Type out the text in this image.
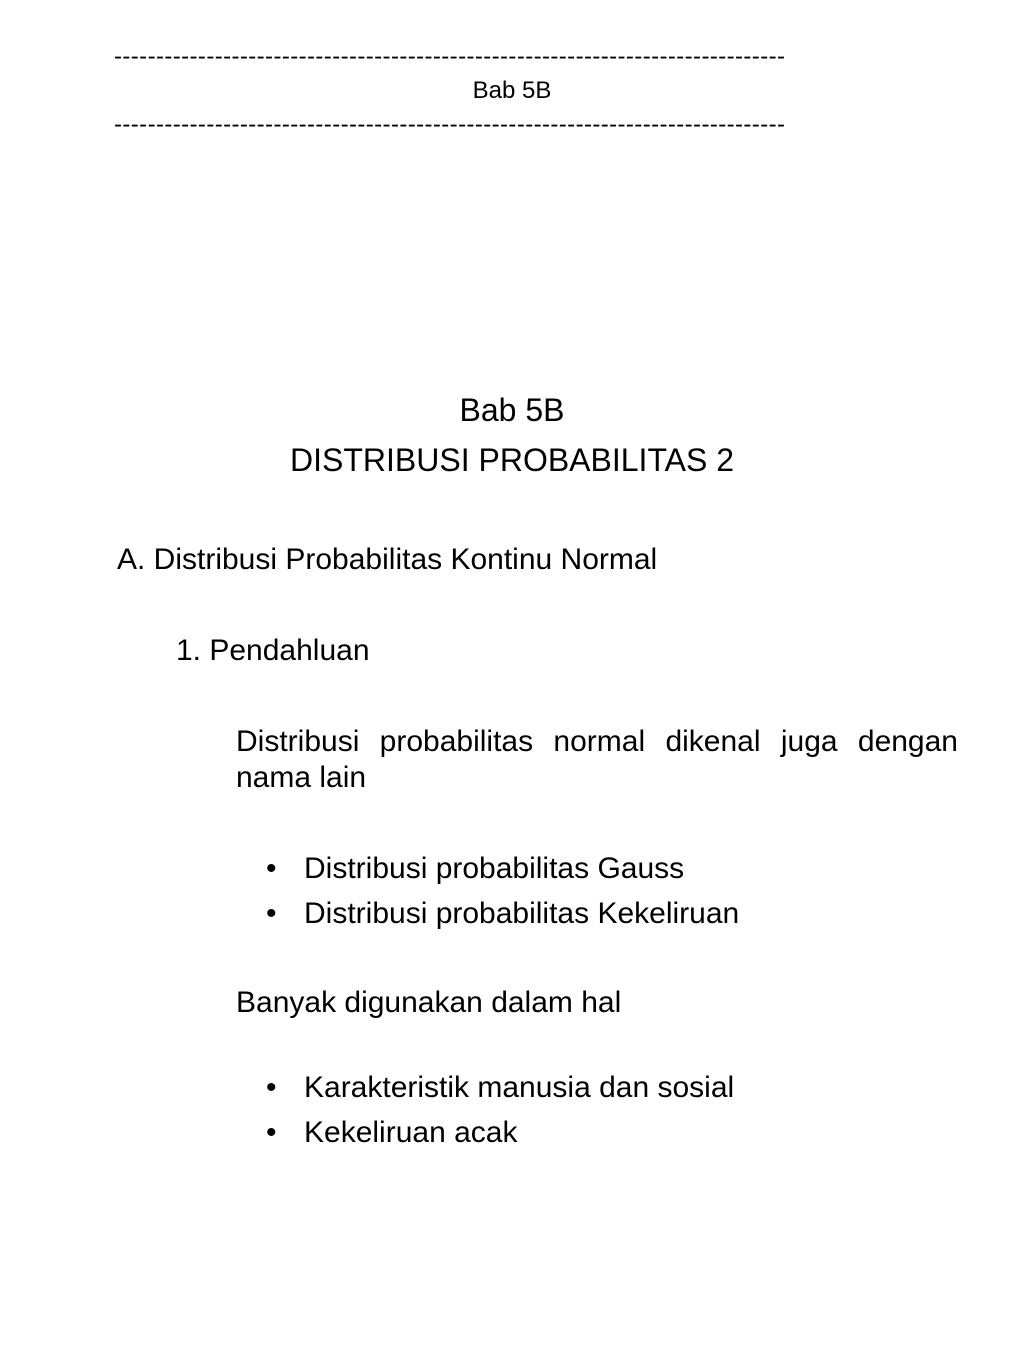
--------------------------------------------------------------------------------
Bab 5B
--------------------------------------------------------------------------------
Bab 5B
DISTRIBUSI PROBABILITAS 2
A. Distribusi Probabilitas Kontinu Normal
1. Pendahluan
Distribusi probabilitas normal dikenal juga dengan nama lain
• Distribusi probabilitas Gauss
• Distribusi probabilitas Kekeliruan
Banyak digunakan dalam hal
• Karakteristik manusia dan sosial
• Kekeliruan acak
